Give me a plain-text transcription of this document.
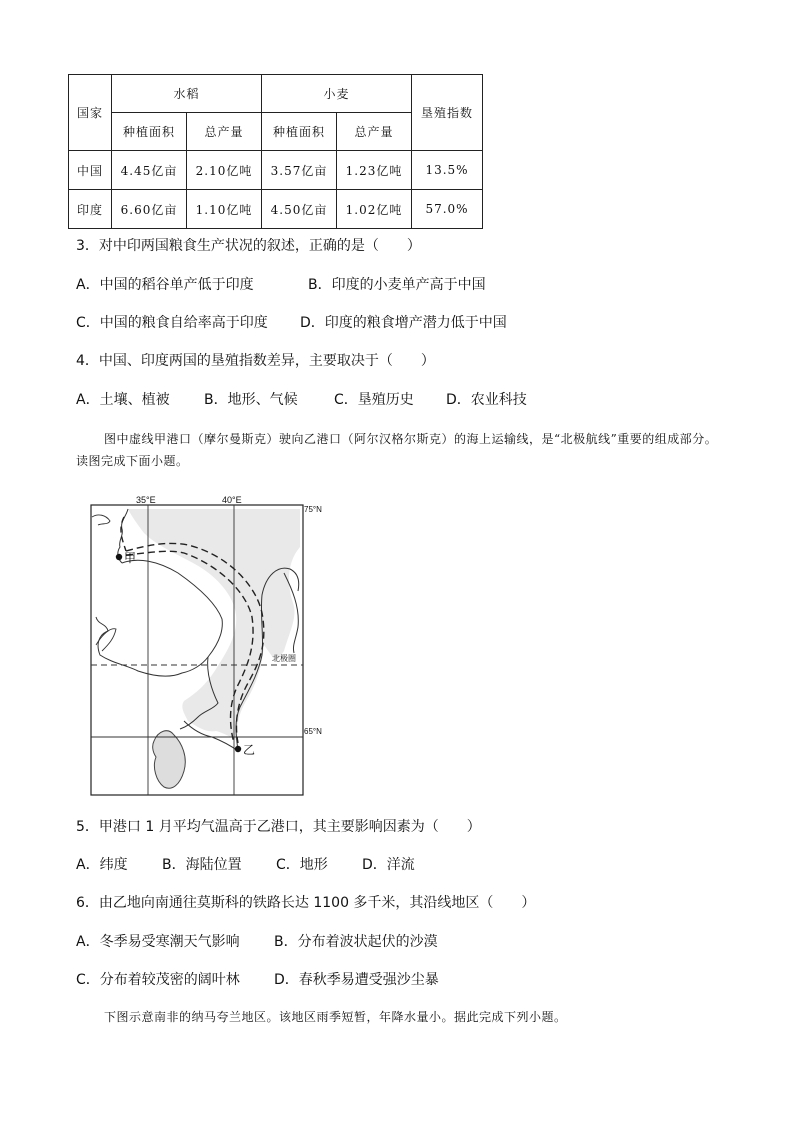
国家	水稻		小麦		垦殖指数
	种植面积	总产量	种植面积	总产量	
中国	4.45亿亩	2.10亿吨	3.57亿亩	1.23亿吨	13.5%
印度	6.60亿亩	1.10亿吨	4.50亿亩	1.02亿吨	57.0%
3．对中印两国粮食生产状况的叙述，正确的是（　　）
A．中国的稻谷单产低于印度	B．印度的小麦单产高于中国
C．中国的粮食自给率高于印度 D．印度的粮食增产潜力低于中国
4．中国、印度两国的垦殖指数差异，主要取决于（　　）
A．土壤、植被 B．地形、气候	C．垦殖历史 D．农业科技
图中虚线甲港口（摩尔曼斯克）驶向乙港口（阿尔汉格尔斯克）的海上运输线，是“北极航线”重要的组成部分。读图完成下面小题。
甲
乙
35°E	40°E
75°N
65°N
北极圈
5．甲港口 1 月平均气温高于乙港口，其主要影响因素为（　　）
A．纬度 B．海陆位置 C．地形 D．洋流
6．由乙地向南通往莫斯科的铁路长达 1100 多千米，其沿线地区（　　）
A．冬季易受寒潮天气影响 B．分布着波状起伏的沙漠
C．分布着较茂密的阔叶林 D．春秋季易遭受强沙尘暴
下图示意南非的纳马夸兰地区。该地区雨季短暂，年降水量小。据此完成下列小题。
